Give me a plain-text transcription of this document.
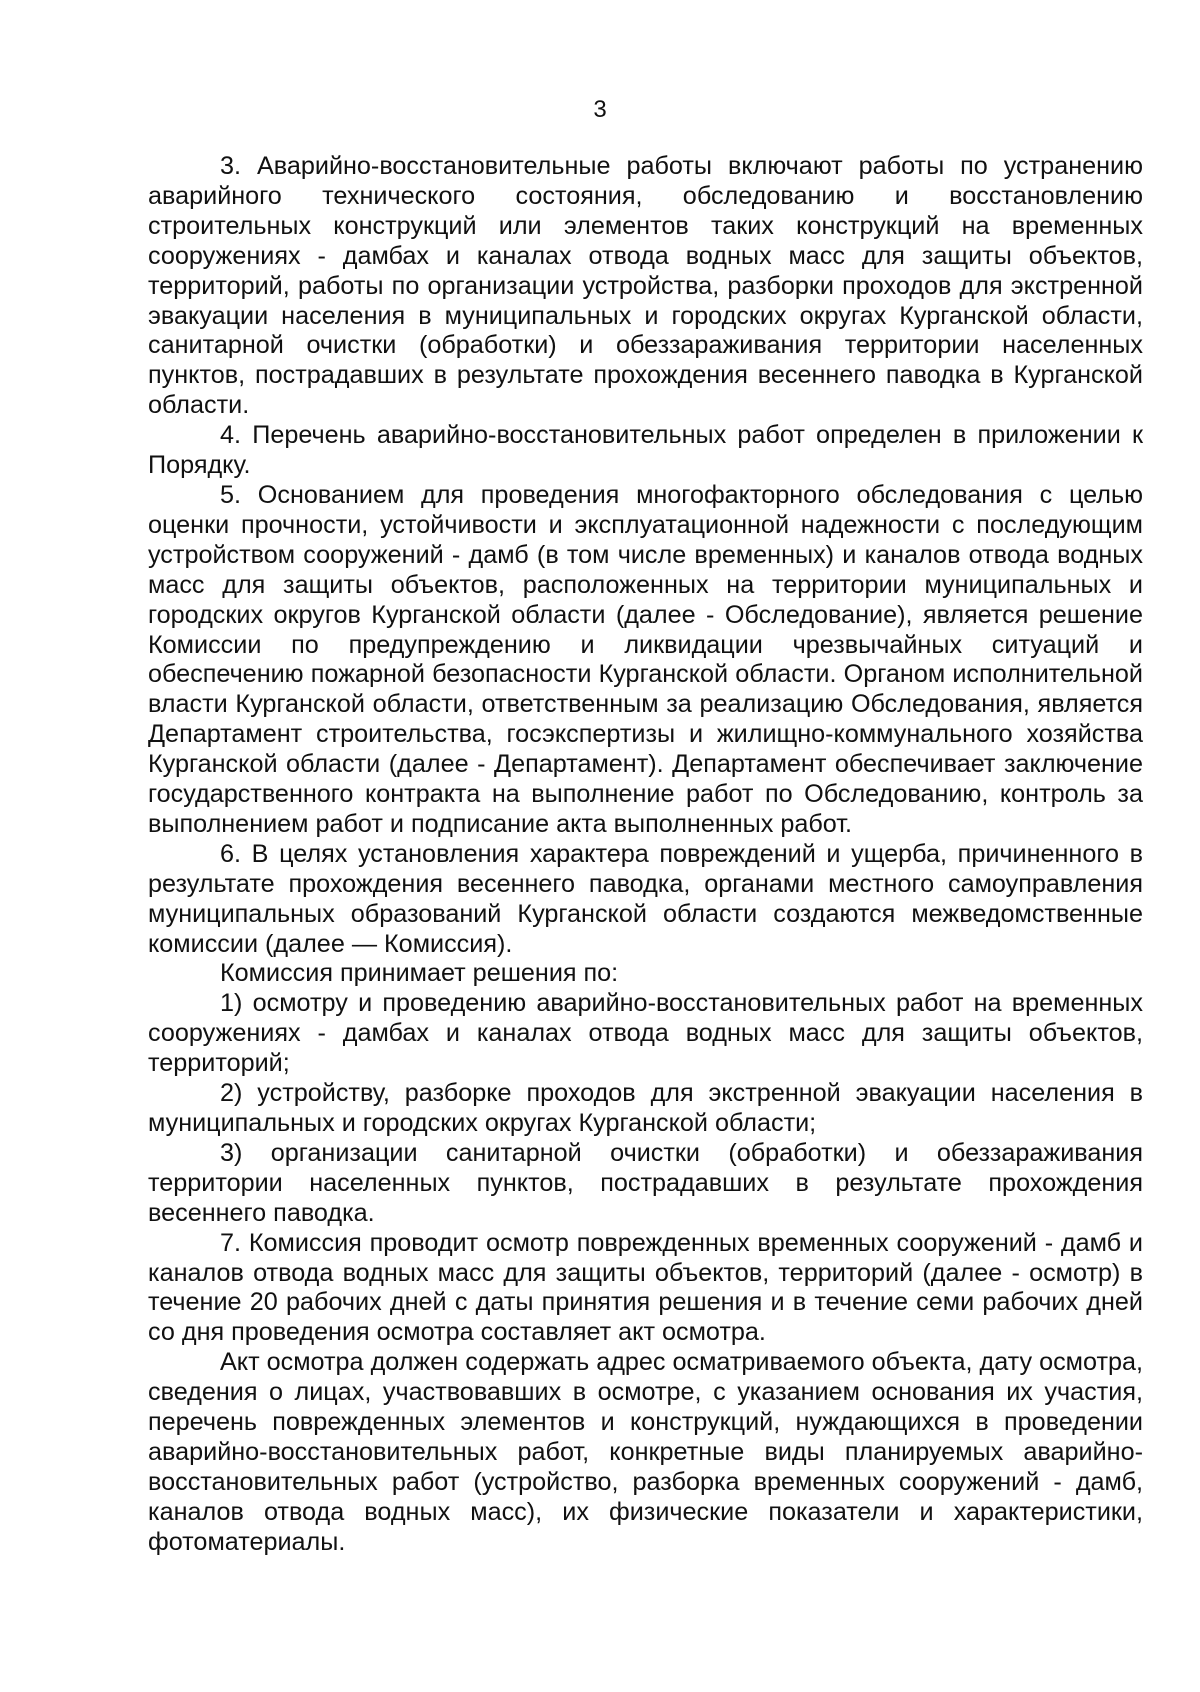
3

3. Аварийно-восстановительные работы включают работы по устранению аварийного технического состояния, обследованию и восстановлению строительных конструкций или элементов таких конструкций на временных сооружениях - дамбах и каналах отвода водных масс для защиты объектов, территорий, работы по организации устройства, разборки проходов для экстренной эвакуации населения в муниципальных и городских округах Курганской области, санитарной очистки (обработки) и обеззараживания территории населенных пунктов, пострадавших в результате прохождения весеннего паводка в Курганской области.

4. Перечень аварийно-восстановительных работ определен в приложении к Порядку.

5. Основанием для проведения многофакторного обследования с целью оценки прочности, устойчивости и эксплуатационной надежности с последующим устройством сооружений - дамб (в том числе временных) и каналов отвода водных масс для защиты объектов, расположенных на территории муниципальных и городских округов Курганской области (далее - Обследование), является решение Комиссии по предупреждению и ликвидации чрезвычайных ситуаций и обеспечению пожарной безопасности Курганской области. Органом исполнительной власти Курганской области, ответственным за реализацию Обследования, является Департамент строительства, госэкспертизы и жилищно-коммунального хозяйства Курганской области (далее - Департамент). Департамент обеспечивает заключение государственного контракта на выполнение работ по Обследованию, контроль за выполнением работ и подписание акта выполненных работ.

6. В целях установления характера повреждений и ущерба, причиненного в результате прохождения весеннего паводка, органами местного самоуправления муниципальных образований Курганской области создаются межведомственные комиссии (далее — Комиссия).

Комиссия принимает решения по:

1) осмотру и проведению аварийно-восстановительных работ на временных сооружениях - дамбах и каналах отвода водных масс для защиты объектов, территорий;

2) устройству, разборке проходов для экстренной эвакуации населения в муниципальных и городских округах Курганской области;

3) организации санитарной очистки (обработки) и обеззараживания территории населенных пунктов, пострадавших в результате прохождения весеннего паводка.

7. Комиссия проводит осмотр поврежденных временных сооружений - дамб и каналов отвода водных масс для защиты объектов, территорий (далее - осмотр) в течение 20 рабочих дней с даты принятия решения и в течение семи рабочих дней со дня проведения осмотра составляет акт осмотра.

Акт осмотра должен содержать адрес осматриваемого объекта, дату осмотра, сведения о лицах, участвовавших в осмотре, с указанием основания их участия, перечень поврежденных элементов и конструкций, нуждающихся в проведении аварийно-восстановительных работ, конкретные виды планируемых аварийно-восстановительных работ (устройство, разборка временных сооружений - дамб, каналов отвода водных масс), их физические показатели и характеристики, фотоматериалы.
